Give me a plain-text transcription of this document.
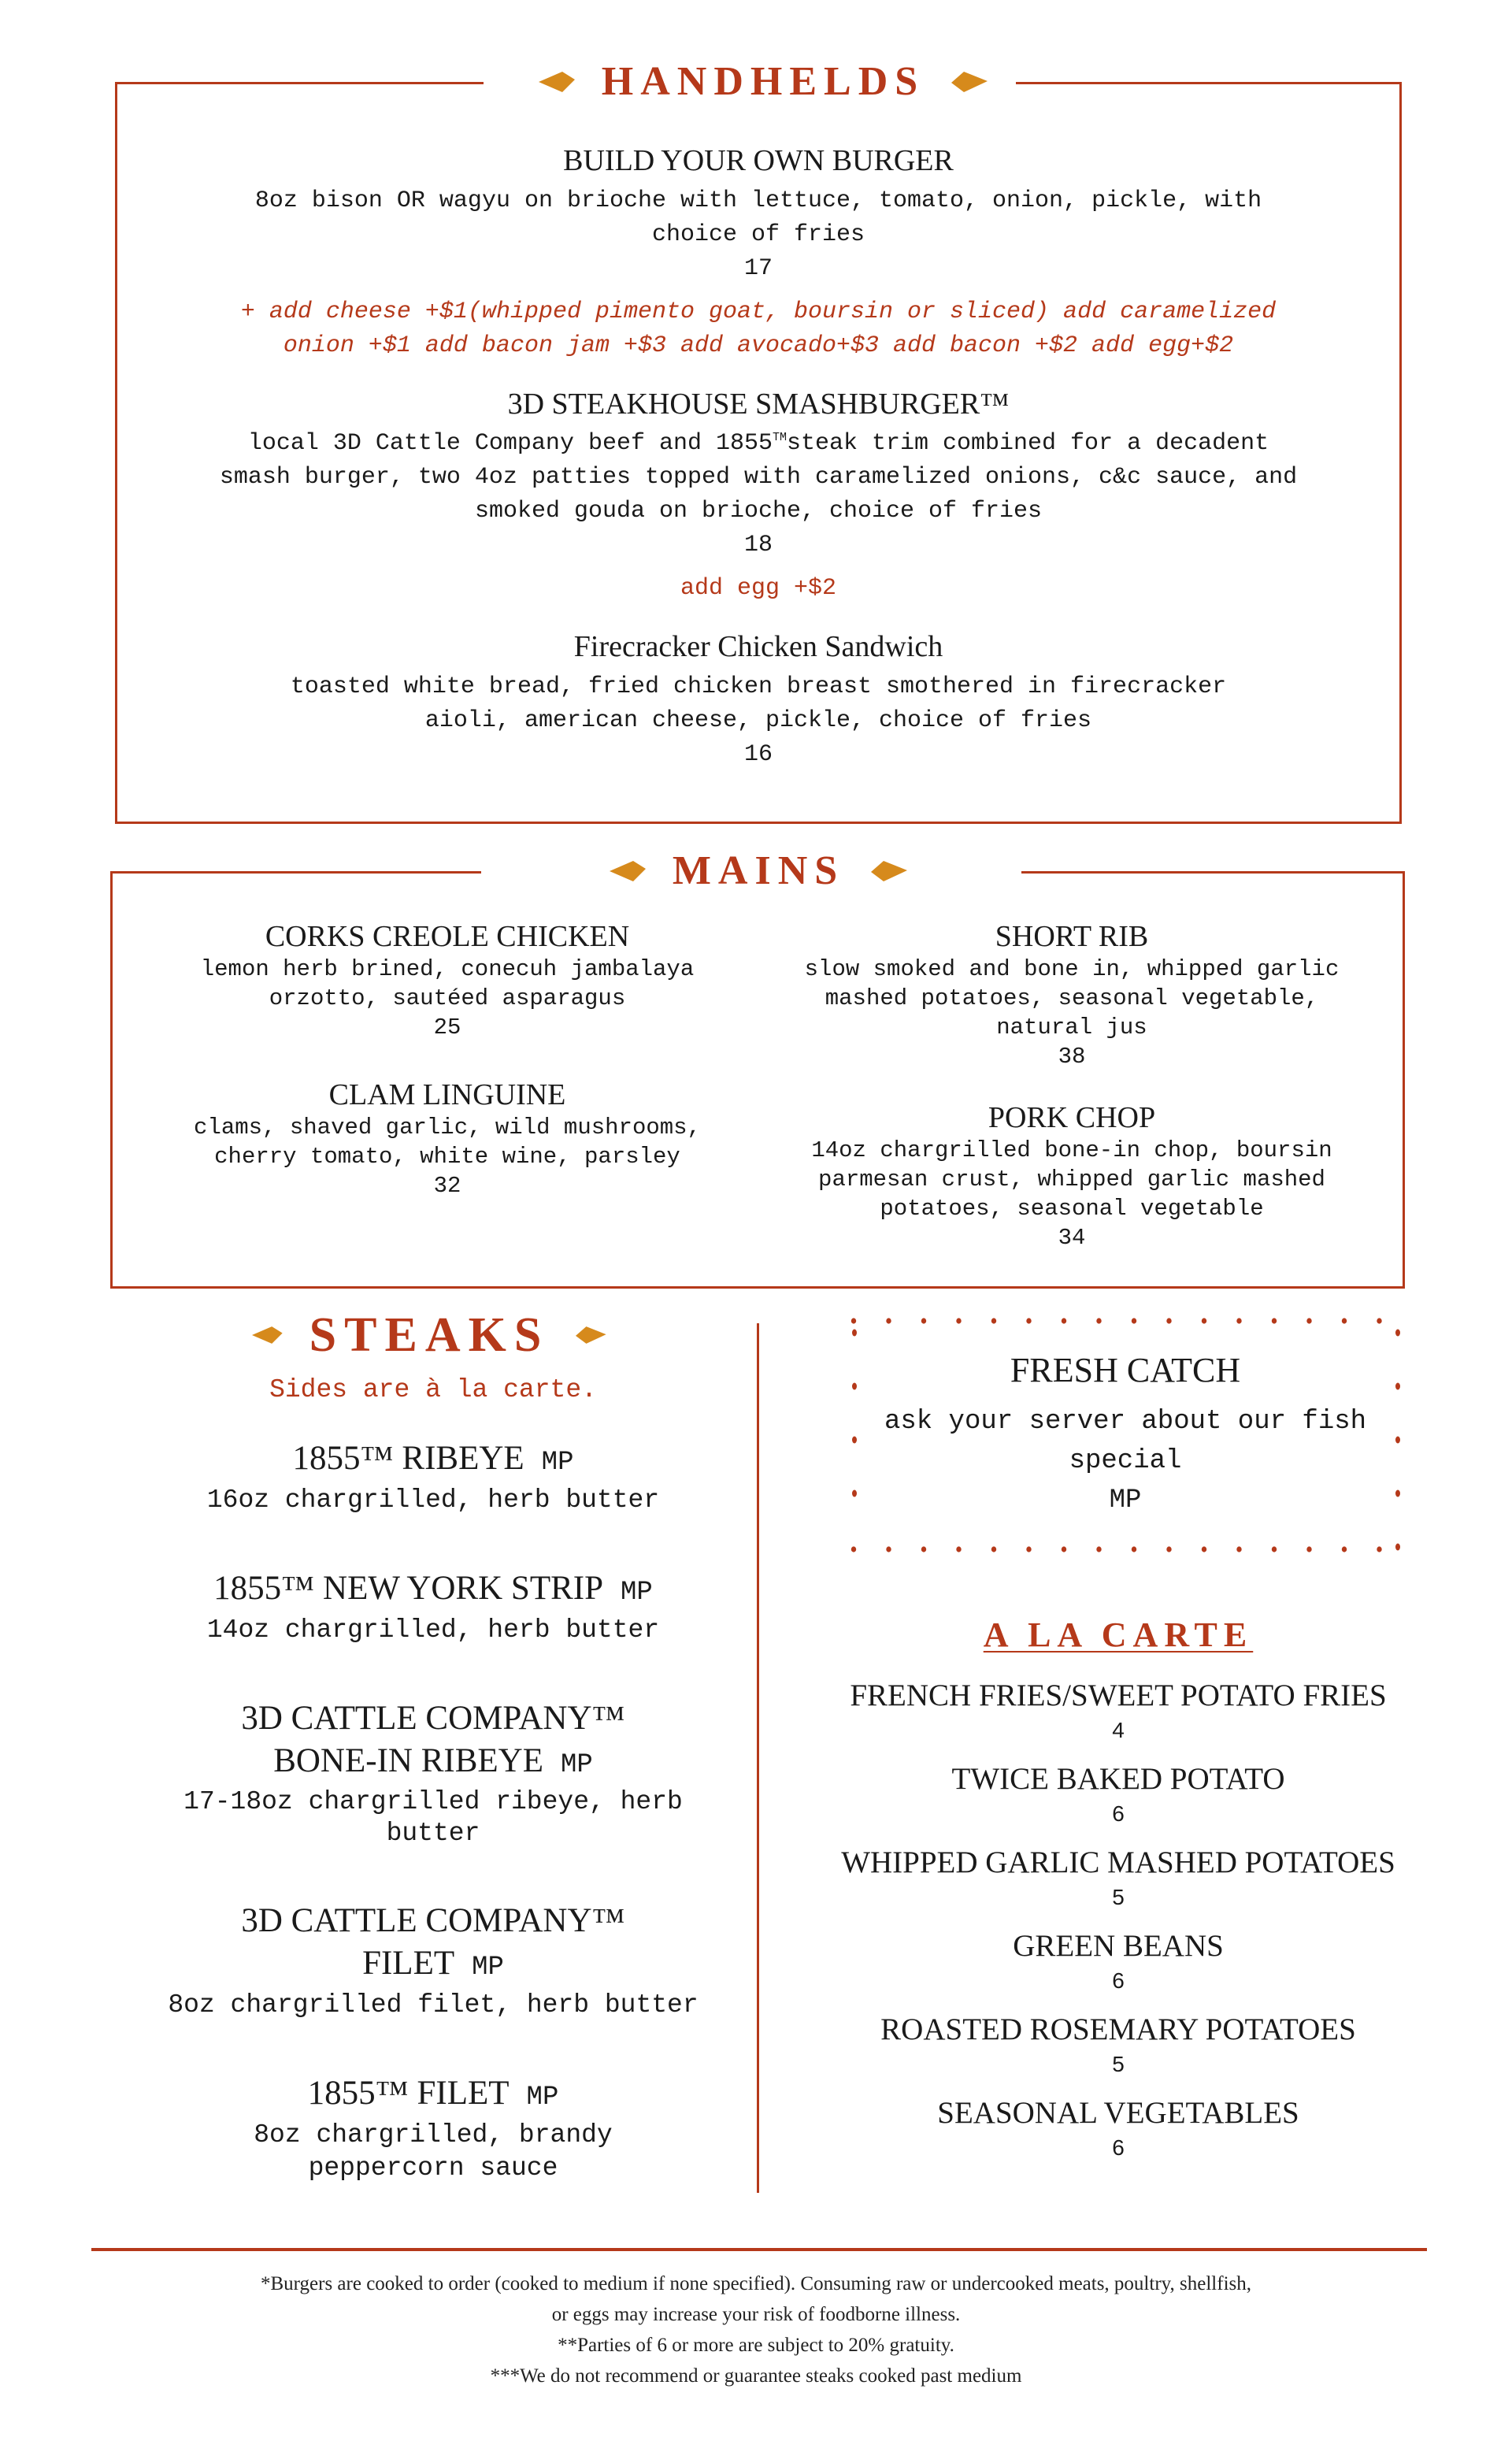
HANDHELDS
BUILD YOUR OWN BURGER
8oz bison OR wagyu on brioche with lettuce, tomato, onion, pickle, with choice of fries
17
+ add cheese +$1(whipped pimento goat, boursin or sliced) add caramelized onion +$1 add bacon jam +$3 add avocado+$3 add bacon +$2 add egg+$2
3D STEAKHOUSE SMASHBURGER™
local 3D Cattle Company beef and 1855™steak trim combined for a decadent smash burger, two 4oz patties topped with caramelized onions, c&c sauce, and smoked gouda on brioche, choice of fries
18
add egg +$2
Firecracker Chicken Sandwich
toasted white bread, fried chicken breast smothered in firecracker aioli, american cheese, pickle, choice of fries
16
MAINS
CORKS CREOLE CHICKEN
lemon herb brined, conecuh jambalaya orzotto, sautéed asparagus
25
CLAM LINGUINE
clams, shaved garlic, wild mushrooms, cherry tomato, white wine, parsley
32
SHORT RIB
slow smoked and bone in, whipped garlic mashed potatoes, seasonal vegetable, natural jus
38
PORK CHOP
14oz chargrilled bone-in chop, boursin parmesan crust, whipped garlic mashed potatoes, seasonal vegetable
34
STEAKS
Sides are à la carte.
1855™ RIBEYE MP
16oz chargrilled, herb butter
1855™ NEW YORK STRIP MP
14oz chargrilled, herb butter
3D CATTLE COMPANY™
BONE-IN RIBEYE MP
17-18oz chargrilled ribeye, herb butter
3D CATTLE COMPANY™
FILET MP
8oz chargrilled filet, herb butter
1855™ FILET MP
8oz chargrilled, brandy peppercorn sauce
FRESH CATCH
ask your server about our fish special
MP
A LA CARTE
FRENCH FRIES/SWEET POTATO FRIES
4
TWICE BAKED POTATO
6
WHIPPED GARLIC MASHED POTATOES
5
GREEN BEANS
6
ROASTED ROSEMARY POTATOES
5
SEASONAL VEGETABLES
6

*Burgers are cooked to order (cooked to medium if none specified). Consuming raw or undercooked meats, poultry, shellfish, or eggs may increase your risk of foodborne illness.

**Parties of 6 or more are subject to 20% gratuity.

***We do not recommend or guarantee steaks cooked past medium
